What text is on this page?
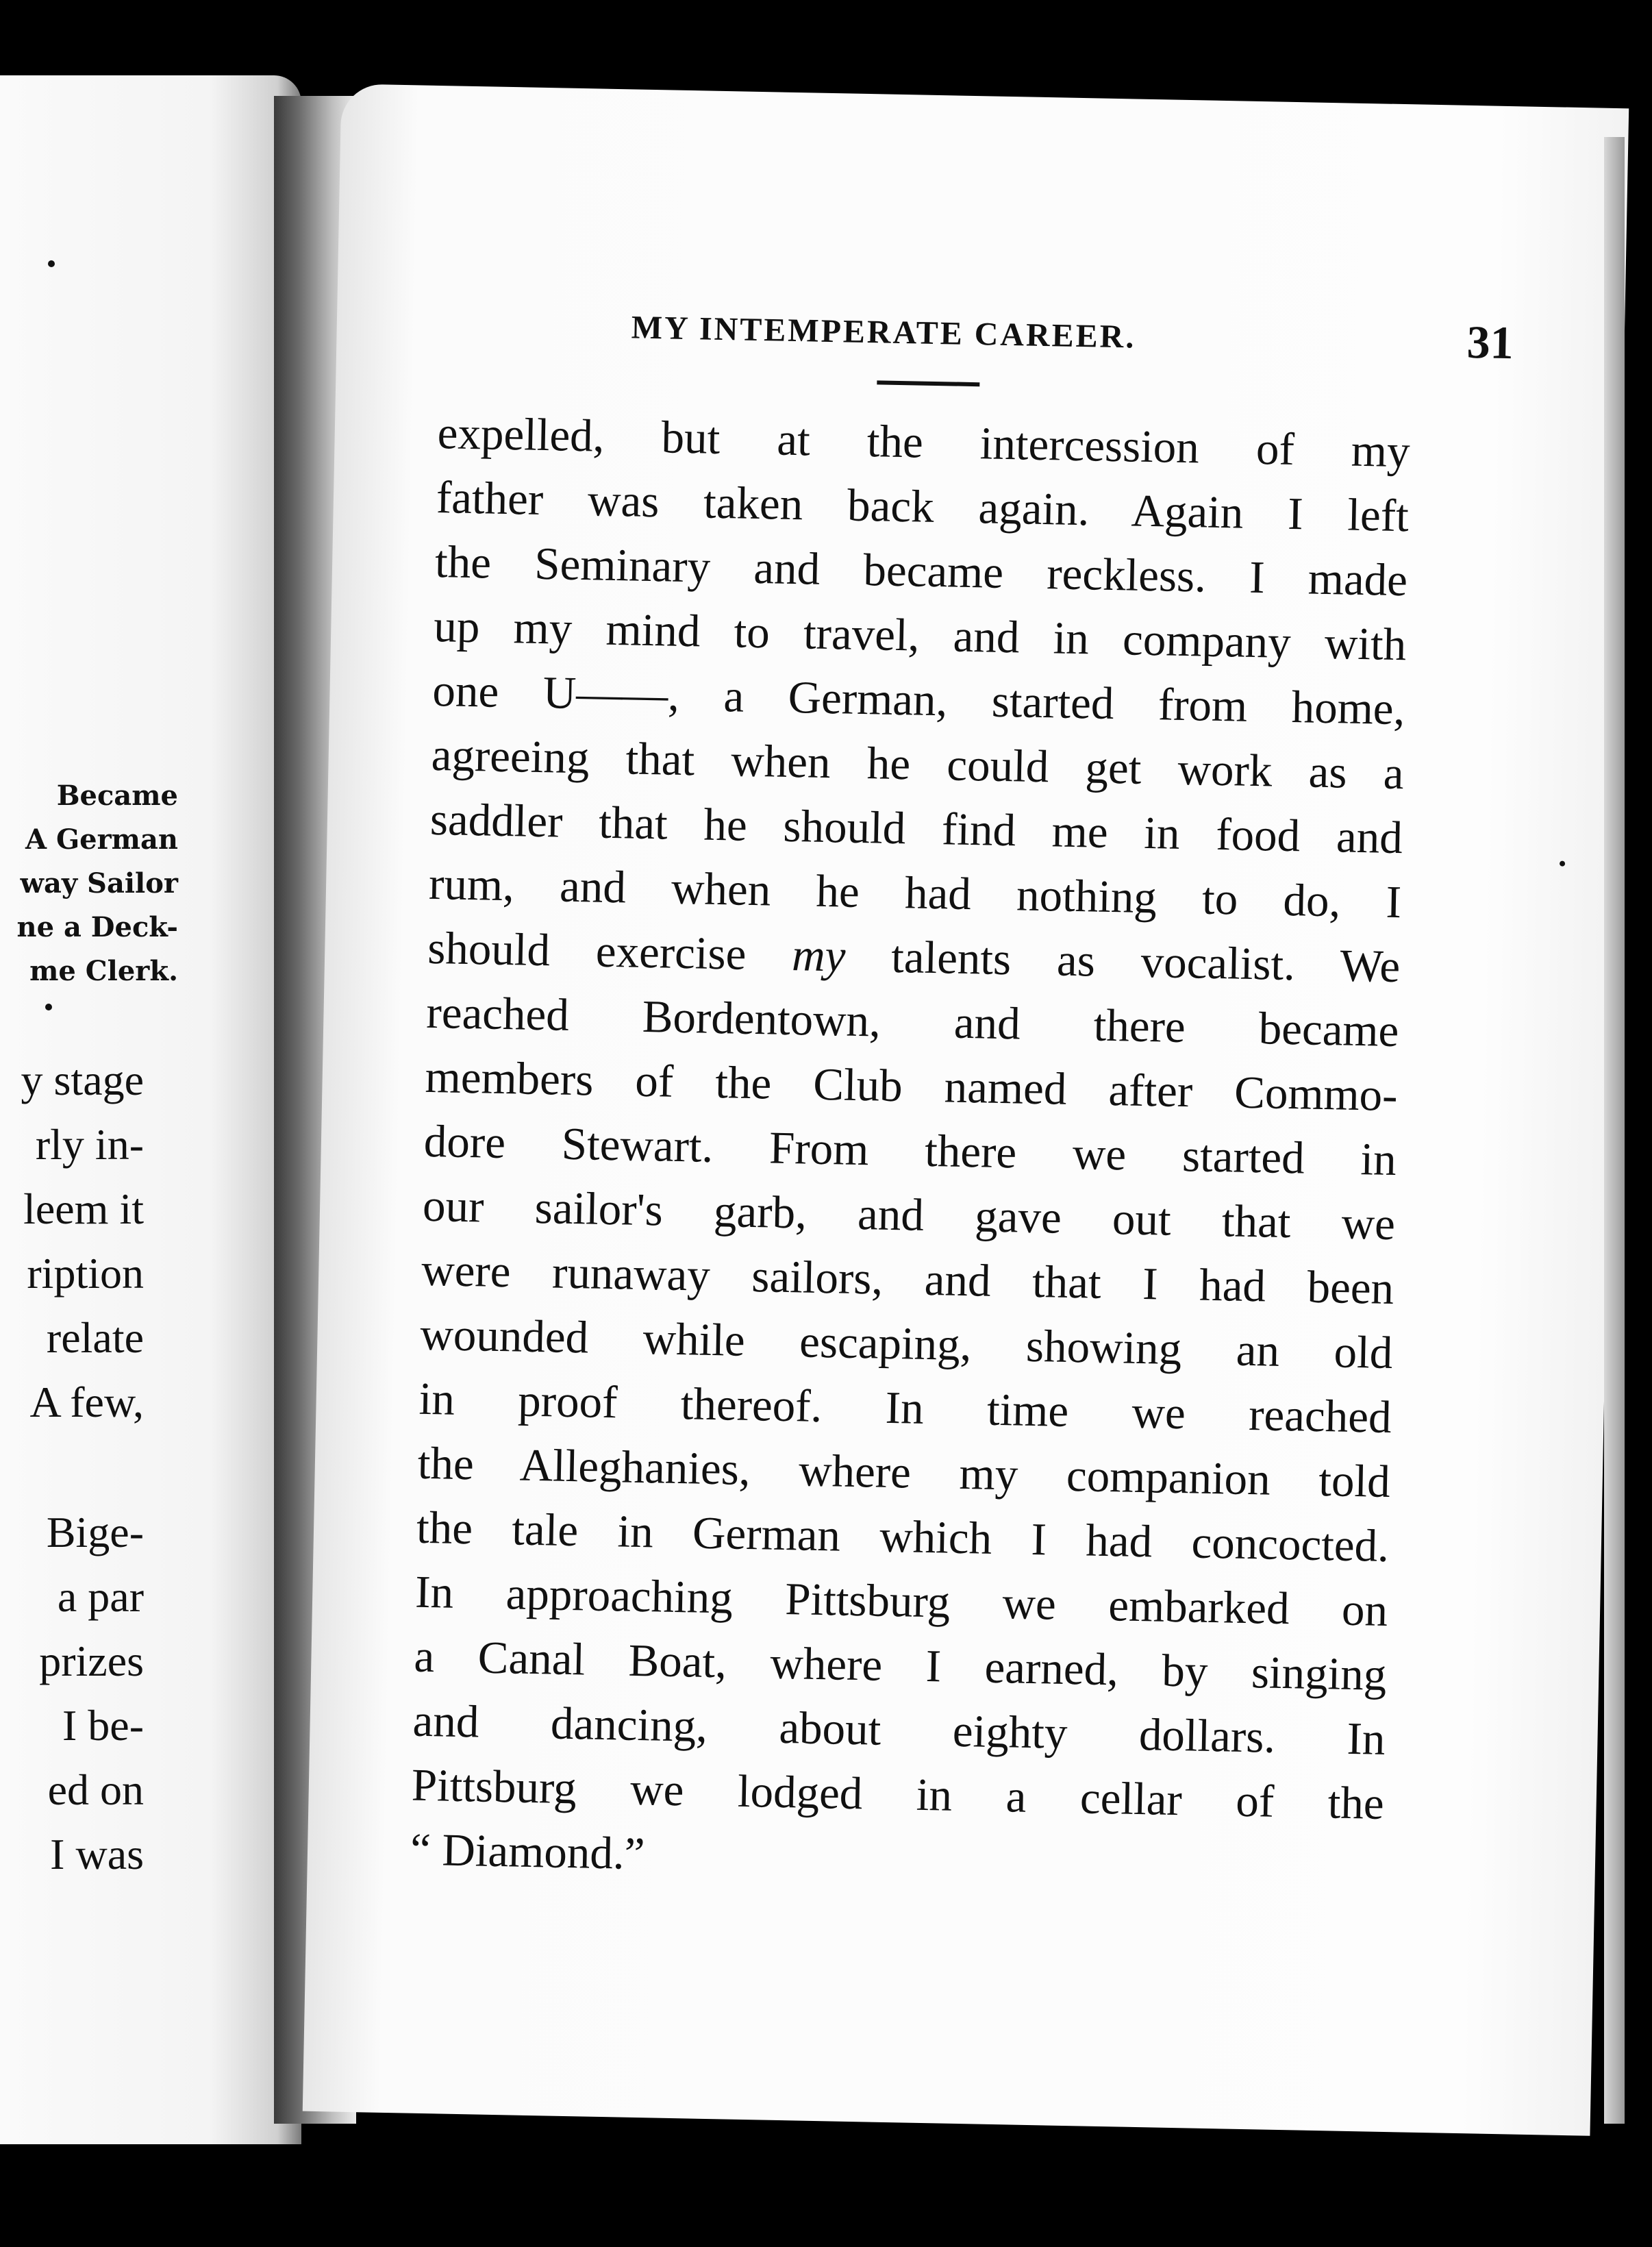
Became
A German
way Sailor
ne a Deck-
me Clerk.
y stage
rly in-
leem it
ription
relate
A few,
Bige-
a par
prizes
I be-
ed on
I was
MY INTEMPERATE CAREER.	31
expelled, but at the intercession of my
father was taken back again. Again I left
the Seminary and became reckless. I made
up my mind to travel, and in company with
one U——, a German, started from home,
agreeing that when he could get work as a
saddler that he should find me in food and
rum, and when he had nothing to do, I
should exercise my talents as vocalist. We
reached Bordentown, and there became
members of the Club named after Commo-
dore Stewart. From there we started in
our sailor's garb, and gave out that we
were runaway sailors, and that I had been
wounded while escaping, showing an old
in proof thereof. In time we reached
the Alleghanies, where my companion told
the tale in German which I had concocted.
In approaching Pittsburg we embarked on
a Canal Boat, where I earned, by singing
and dancing, about eighty dollars. In
Pittsburg we lodged in a cellar of the
“ Diamond.”
